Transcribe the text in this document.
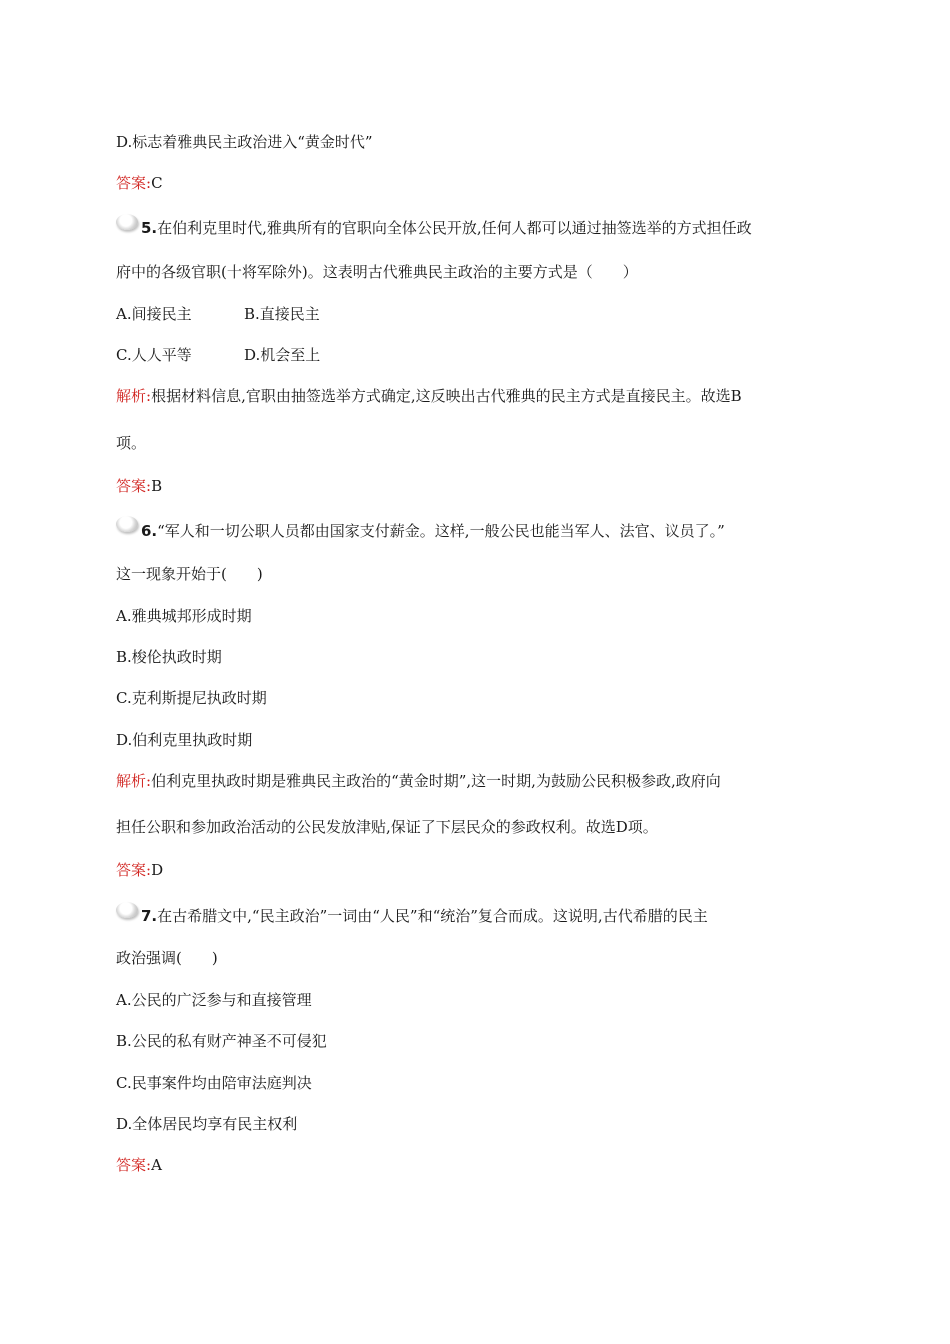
D.标志着雅典民主政治进入“黄金时代”
答案:C
5.在伯利克里时代,雅典所有的官职向全体公民开放,任何人都可以通过抽签选举的方式担任政
府中的各级官职(十将军除外)。这表明古代雅典民主政治的主要方式是（　　）
A.间接民主	B.直接民主
C.人人平等	D.机会至上
解析:根据材料信息,官职由抽签选举方式确定,这反映出古代雅典的民主方式是直接民主。故选B
项。
答案:B
6.“军人和一切公职人员都由国家支付薪金。这样,一般公民也能当军人、法官、议员了。”
这一现象开始于(　　)
A.雅典城邦形成时期
B.梭伦执政时期
C.克利斯提尼执政时期
D.伯利克里执政时期
解析:伯利克里执政时期是雅典民主政治的“黄金时期”,这一时期,为鼓励公民积极参政,政府向
担任公职和参加政治活动的公民发放津贴,保证了下层民众的参政权利。故选D项。
答案:D
7.在古希腊文中,“民主政治”一词由“人民”和“统治”复合而成。这说明,古代希腊的民主
政治强调(　　)
A.公民的广泛参与和直接管理
B.公民的私有财产神圣不可侵犯
C.民事案件均由陪审法庭判决
D.全体居民均享有民主权利
答案:A
